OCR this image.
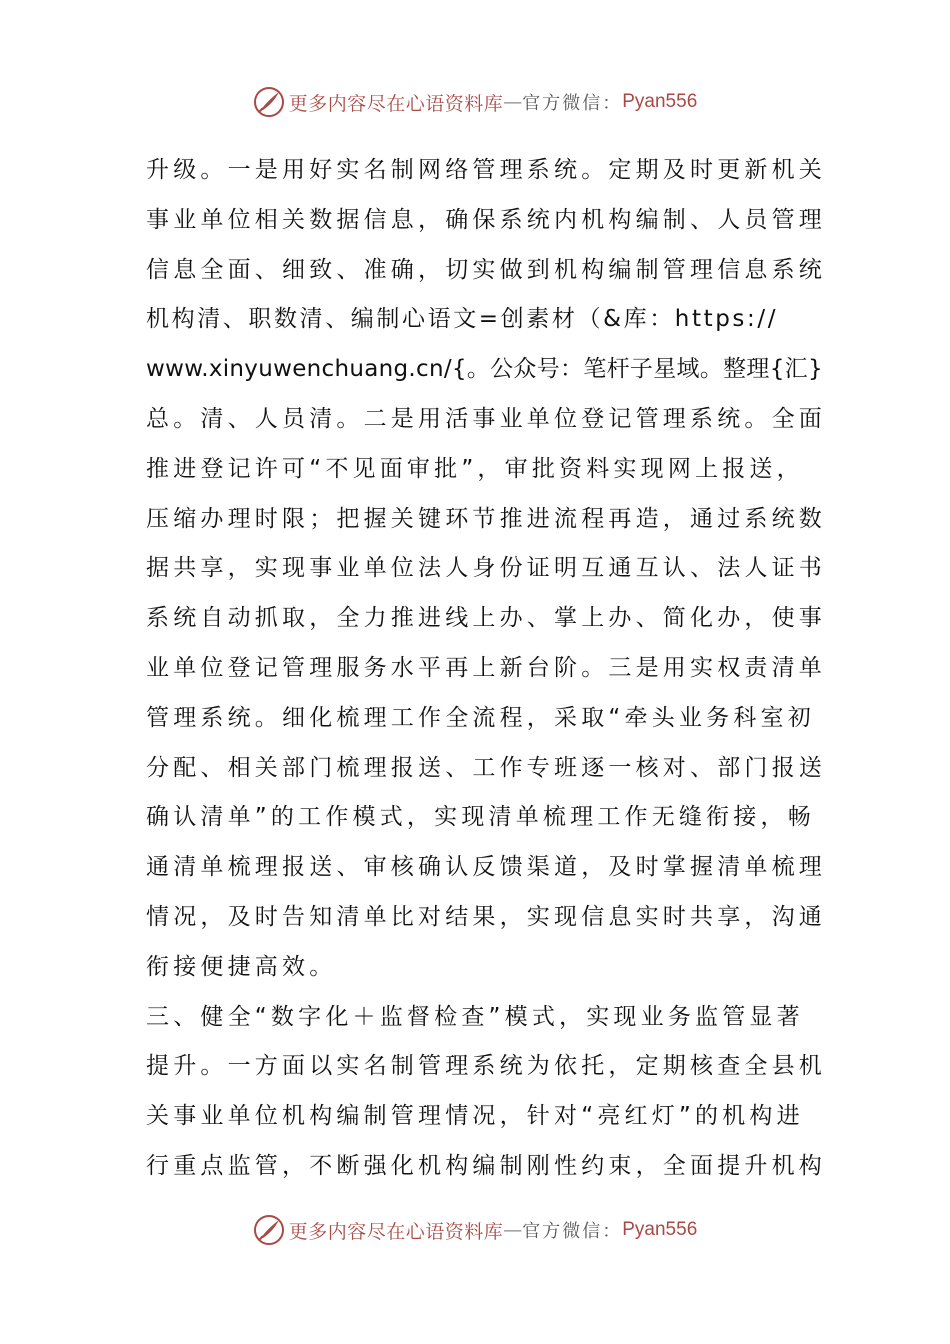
更多内容尽在心语资料库 — 官方微信： Pyan556
升级。一是用好实名制网络管理系统。定期及时更新机关
事业单位相关数据信息，确保系统内机构编制、人员管理
信息全面、细致、准确，切实做到机构编制管理信息系统
机构清、职数清、编制心语文=创素材（&库：https://
www.xinyuwenchuang.cn/{。公众号：笔杆子星域。整理{汇}
总。清、人员清。二是用活事业单位登记管理系统。全面
推进登记许可“不见面审批”，审批资料实现网上报送，
压缩办理时限；把握关键环节推进流程再造，通过系统数
据共享，实现事业单位法人身份证明互通互认、法人证书
系统自动抓取，全力推进线上办、掌上办、简化办，使事
业单位登记管理服务水平再上新台阶。三是用实权责清单
管理系统。细化梳理工作全流程，采取“牵头业务科室初
分配、相关部门梳理报送、工作专班逐一核对、部门报送
确认清单”的工作模式，实现清单梳理工作无缝衔接，畅
通清单梳理报送、审核确认反馈渠道，及时掌握清单梳理
情况，及时告知清单比对结果，实现信息实时共享，沟通
衔接便捷高效。
三、健全“数字化＋监督检查”模式，实现业务监管显著
提升。一方面以实名制管理系统为依托，定期核查全县机
关事业单位机构编制管理情况，针对“亮红灯”的机构进
行重点监管，不断强化机构编制刚性约束，全面提升机构
更多内容尽在心语资料库 — 官方微信： Pyan556
